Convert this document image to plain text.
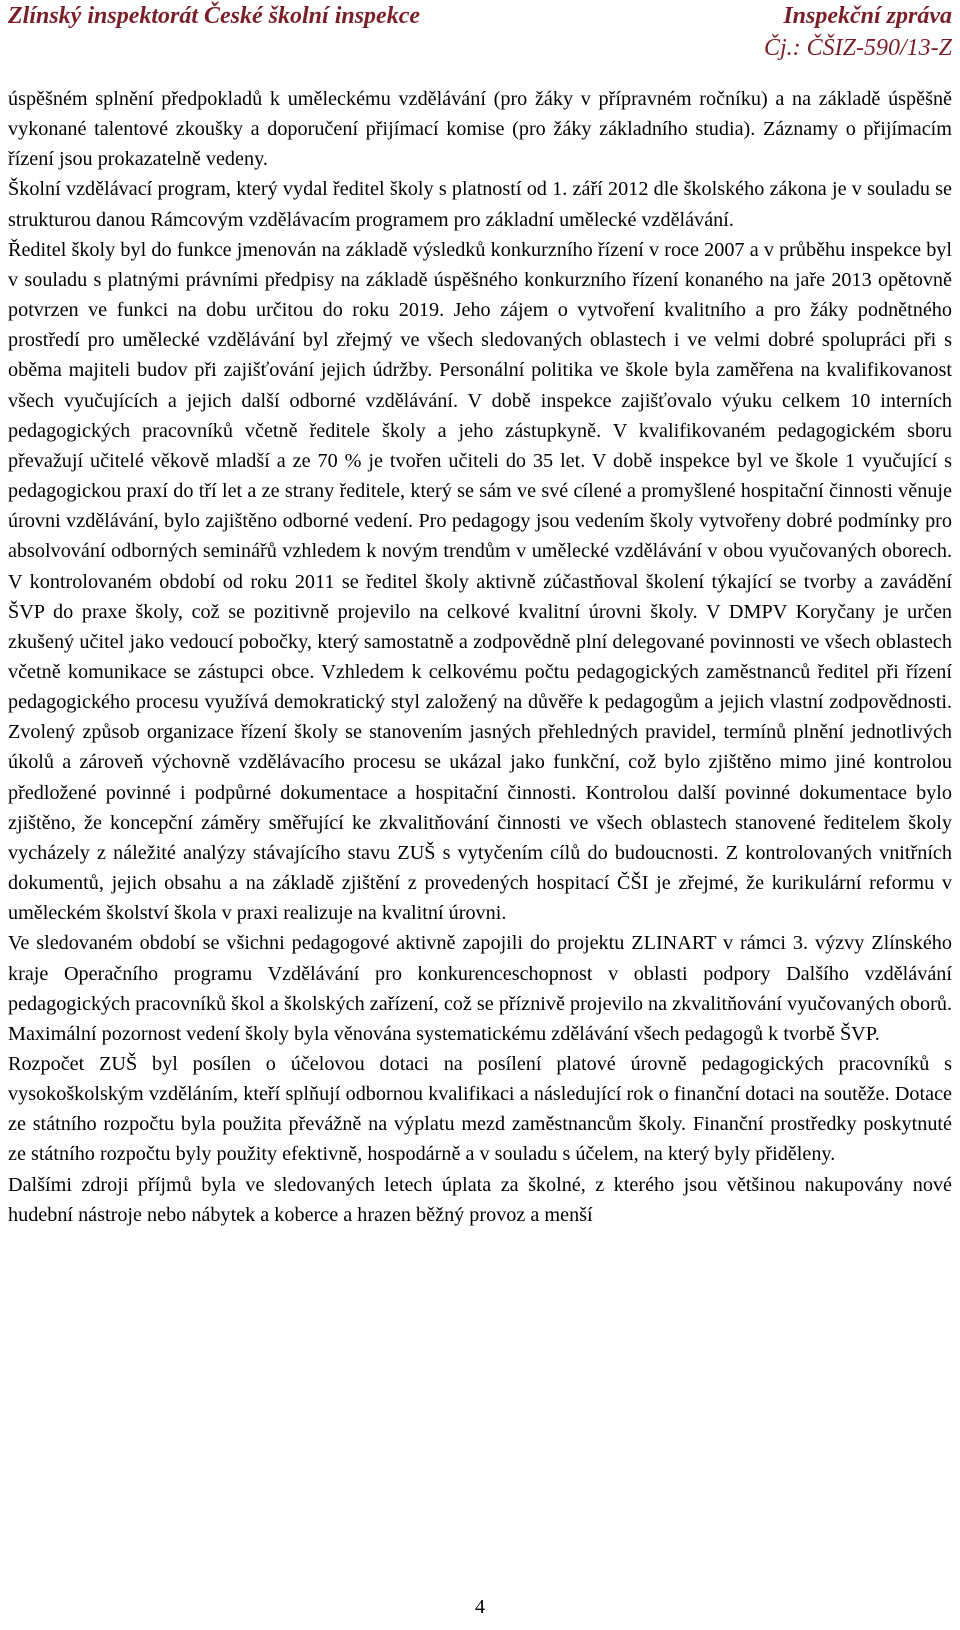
Zlínský inspektorát České školní inspekce	Inspekční zpráva
Čj.: ČŠIZ-590/13-Z

úspěšném splnění předpokladů k uměleckému vzdělávání (pro žáky v přípravném ročníku) a na základě úspěšně vykonané talentové zkoušky a doporučení přijímací komise (pro žáky základního studia). Záznamy o přijímacím řízení jsou prokazatelně vedeny.

Školní vzdělávací program, který vydal ředitel školy s platností od 1. září 2012 dle školského zákona je v souladu se strukturou danou Rámcovým vzdělávacím programem pro základní umělecké vzdělávání.

Ředitel školy byl do funkce jmenován na základě výsledků konkurzního řízení v roce 2007 a v průběhu inspekce byl v souladu s platnými právními předpisy na základě úspěšného konkurzního řízení konaného na jaře 2013 opětovně potvrzen ve funkci na dobu určitou do roku 2019. Jeho zájem o vytvoření kvalitního a pro žáky podnětného prostředí pro umělecké vzdělávání byl zřejmý ve všech sledovaných oblastech i ve velmi dobré spolupráci při s oběma majiteli budov při zajišťování jejich údržby. Personální politika ve škole byla zaměřena na kvalifikovanost všech vyučujících a jejich další odborné vzdělávání. V době inspekce zajišťovalo výuku celkem 10 interních pedagogických pracovníků včetně ředitele školy a jeho zástupkyně. V kvalifikovaném pedagogickém sboru převažují učitelé věkově mladší a ze 70 % je tvořen učiteli do 35 let. V době inspekce byl ve škole 1 vyučující s pedagogickou praxí do tří let a ze strany ředitele, který se sám ve své cílené a promyšlené hospitační činnosti věnuje úrovni vzdělávání, bylo zajištěno odborné vedení. Pro pedagogy jsou vedením školy vytvořeny dobré podmínky pro absolvování odborných seminářů vzhledem k novým trendům v umělecké vzdělávání v obou vyučovaných oborech. V kontrolovaném období od roku 2011 se ředitel školy aktivně zúčastňoval školení týkající se tvorby a zavádění ŠVP do praxe školy, což se pozitivně projevilo na celkové kvalitní úrovni školy. V DMPV Koryčany je určen zkušený učitel jako vedoucí pobočky, který samostatně a zodpovědně plní delegované povinnosti ve všech oblastech včetně komunikace se zástupci obce. Vzhledem k celkovému počtu pedagogických zaměstnanců ředitel při řízení pedagogického procesu využívá demokratický styl založený na důvěře k pedagogům a jejich vlastní zodpovědnosti. Zvolený způsob organizace řízení školy se stanovením jasných přehledných pravidel, termínů plnění jednotlivých úkolů a zároveň výchovně vzdělávacího procesu se ukázal jako funkční, což bylo zjištěno mimo jiné kontrolou předložené povinné i podpůrné dokumentace a hospitační činnosti. Kontrolou další povinné dokumentace bylo zjištěno, že koncepční záměry směřující ke zkvalitňování činnosti ve všech oblastech stanovené ředitelem školy vycházely z náležité analýzy stávajícího stavu ZUŠ s vytyčením cílů do budoucnosti. Z kontrolovaných vnitřních dokumentů, jejich obsahu a na základě zjištění z provedených hospitací ČŠI je zřejmé, že kurikulární reformu v uměleckém školství škola v praxi realizuje na kvalitní úrovni.

Ve sledovaném období se všichni pedagogové aktivně zapojili do projektu ZLINART v rámci 3. výzvy Zlínského kraje Operačního programu Vzdělávání pro konkurenceschopnost v oblasti podpory Dalšího vzdělávání pedagogických pracovníků škol a školských zařízení, což se příznivě projevilo na zkvalitňování vyučovaných oborů. Maximální pozornost vedení školy byla věnována systematickému zdělávání všech pedagogů k tvorbě ŠVP.

Rozpočet ZUŠ byl posílen o účelovou dotaci na posílení platové úrovně pedagogických pracovníků s vysokoškolským vzděláním, kteří splňují odbornou kvalifikaci a následující rok o finanční dotaci na soutěže. Dotace ze státního rozpočtu byla použita převážně na výplatu mezd zaměstnancům školy. Finanční prostředky poskytnuté ze státního rozpočtu byly použity efektivně, hospodárně a v souladu s účelem, na který byly přiděleny.

Dalšími zdroji příjmů byla ve sledovaných letech úplata za školné, z kterého jsou většinou nakupovány nové hudební nástroje nebo nábytek a koberce a hrazen běžný provoz a menší

4
